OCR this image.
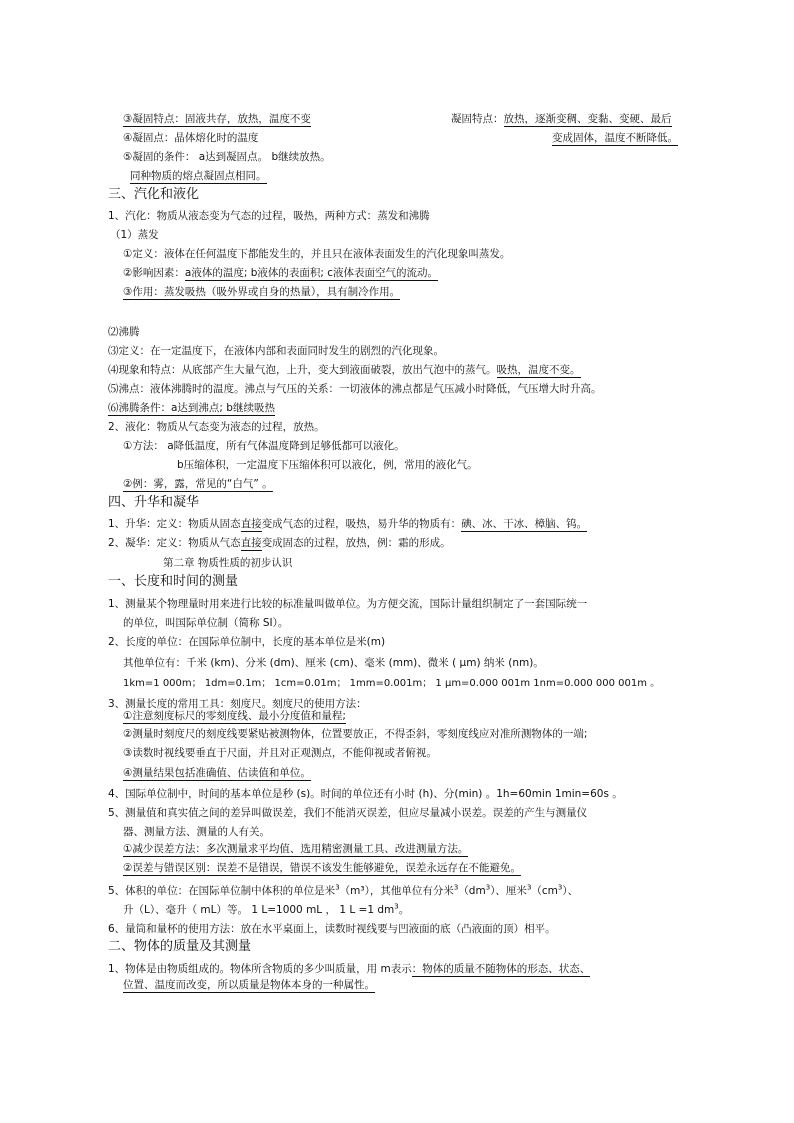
③凝固特点：固液共存，放热，温度不变	凝固特点：放热，逐渐变稠、变黏、变硬、最后
④凝固点：晶体熔化时的温度	变成固体，温度不断降低。
⑤凝固的条件： a达到凝固点。 b继续放热。
同种物质的熔点凝固点相同。
三、汽化和液化
1、汽化：物质从液态变为气态的过程，吸热，两种方式：蒸发和沸腾
（1）蒸发
①定义：液体在任何温度下都能发生的，并且只在液体表面发生的汽化现象叫蒸发。
②影响因素：a液体的温度; b液体的表面积; c液体表面空气的流动。
③作用：蒸发吸热（吸外界或自身的热量），具有制冷作用。
⑵沸腾
⑶定义：在一定温度下，在液体内部和表面同时发生的剧烈的汽化现象。
⑷现象和特点：从底部产生大量气泡，上升，变大到液面破裂，放出气泡中的蒸气。吸热，温度不变。
⑸沸点：液体沸腾时的温度。沸点与气压的关系：一切液体的沸点都是气压减小时降低，气压增大时升高。
⑹沸腾条件：a达到沸点; b继续吸热
2、液化：物质从气态变为液态的过程，放热。
①方法： a降低温度，所有气体温度降到足够低都可以液化。
b压缩体积，一定温度下压缩体积可以液化，例，常用的液化气。
②例：雾，露，常见的“白气” 。
四、升华和凝华
1、升华：定义：物质从固态直接变成气态的过程，吸热，易升华的物质有：碘、冰、干冰、樟脑、钨。
2、凝华：定义：物质从气态直接变成固态的过程，放热，例：霜的形成。
第二章 物质性质的初步认识
一、长度和时间的测量
1、测量某个物理量时用来进行比较的标准量叫做单位。为方便交流，国际计量组织制定了一套国际统一
的单位，叫国际单位制（简称 SI）。
2、长度的单位：在国际单位制中，长度的基本单位是米(m)
其他单位有：千米 (km)、分米 (dm)、厘米 (cm)、毫米 (mm)、微米 ( μm) 纳米 (nm)。
1km=1 000m； 1dm=0.1m； 1cm=0.01m； 1mm=0.001m； 1 μm=0.000 001m 1nm=0.000 000 001m 。
3、测量长度的常用工具：刻度尺。刻度尺的使用方法：
①注意刻度标尺的零刻度线、最小分度值和量程;
②测量时刻度尺的刻度线要紧贴被测物体，位置要放正，不得歪斜，零刻度线应对准所测物体的一端;
③读数时视线要垂直于尺面，并且对正观测点，不能仰视或者俯视。
④测量结果包括准确值、估读值和单位。
4、国际单位制中，时间的基本单位是秒 (s)。时间的单位还有小时 (h)、分(min) 。1h=60min 1min=60s 。
5、测量值和真实值之间的差异叫做误差，我们不能消灭误差，但应尽量减小误差。误差的产生与测量仪
器、测量方法、测量的人有关。
①减少误差方法：多次测量求平均值、选用精密测量工具、改进测量方法。
②误差与错误区别：误差不是错误，错误不该发生能够避免，误差永远存在不能避免。
5、体积的单位：在国际单位制中体积的单位是米$^3$（m³），其他单位有分米$^3(dm^3)$、厘米$^3(cm^3)$、
升（L）、毫升（ mL）等。 1 L=1000 mL ， 1 L =1 $dm^3$。
6、量筒和量杯的使用方法：放在水平桌面上，读数时视线要与凹液面的底（凸液面的顶）相平。
二、物体的质量及其测量
1、物体是由物质组成的。物体所含物质的多少叫质量，用 m表示：物体的质量不随物体的形态、状态、
位置、温度而改变，所以质量是物体本身的一种属性。
